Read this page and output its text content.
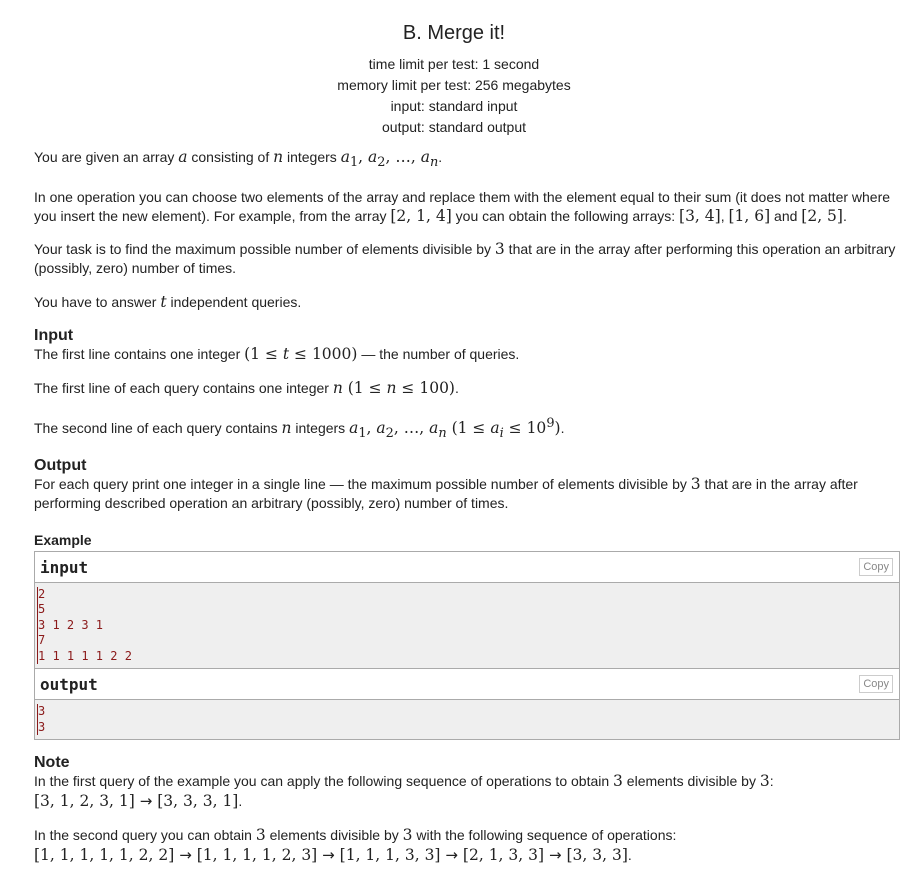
B. Merge it!
time limit per test: 1 second
memory limit per test: 256 megabytes
input: standard input
output: standard output

You are given an array a consisting of n integers $a_1$, $a_2$, …, $a_n$.

In one operation you can choose two elements of the array and replace them with the element equal to their sum (it does not matter where you insert the new element). For example, from the array [2, 1, 4] you can obtain the following arrays: [3, 4], [1, 6] and [2, 5].

Your task is to find the maximum possible number of elements divisible by 3 that are in the array after performing this operation an arbitrary (possibly, zero) number of times.

You have to answer t independent queries.

Input

The first line contains one integer (1 ≤ t ≤ 1000) — the number of queries.

The first line of each query contains one integer n (1 ≤ n ≤ 100).

The second line of each query contains n integers $a_1$, $a_2$, …, $a_n$ $(1 \le a_i \le 10^9)$.

Output

For each query print one integer in a single line — the maximum possible number of elements divisible by 3 that are in the array after performing described operation an arbitrary (possibly, zero) number of times.

Example
input	Copy
2
5
3 1 2 3 1
7
1 1 1 1 1 2 2
output	Copy
3
3
Note

In the first query of the example you can apply the following sequence of operations to obtain 3 elements divisible by 3:

[3, 1, 2, 3, 1] → [3, 3, 3, 1].

In the second query you can obtain 3 elements divisible by 3 with the following sequence of operations:

[1, 1, 1, 1, 1, 2, 2] → [1, 1, 1, 1, 2, 3] → [1, 1, 1, 3, 3] → [2, 1, 3, 3] → [3, 3, 3].
